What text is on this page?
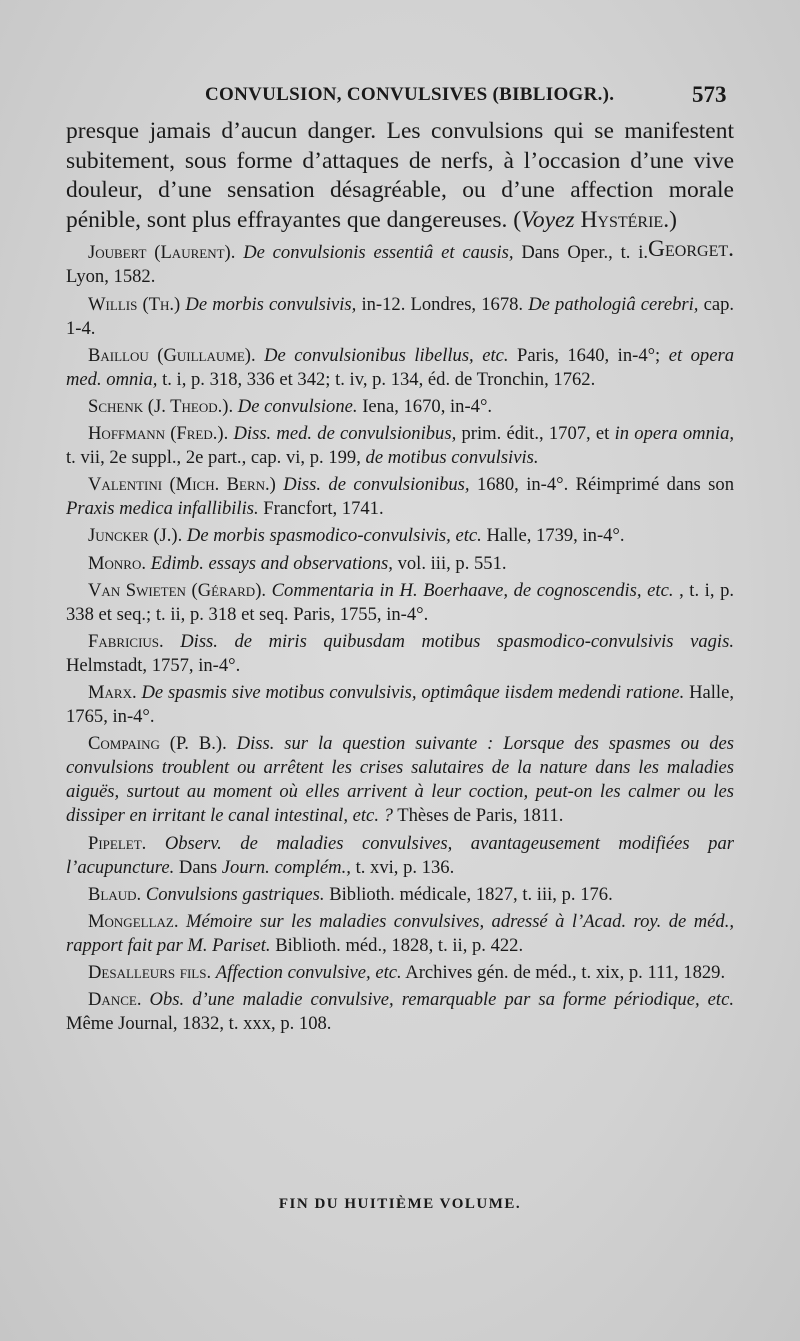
CONVULSION, CONVULSIVES (BIBLIOGR.).	573

presque jamais d’aucun danger. Les convulsions qui se manifestent subitement, sous forme d’attaques de nerfs, à l’occasion d’une vive douleur, d’une sensation désagréable, ou d’une affection morale pénible, sont plus effrayantes que dangereuses. (Voyez Hystérie.)
Georget.

Joubert (Laurent). De convulsionis essentiâ et causis, Dans Oper., t. i. Lyon, 1582.

Willis (Th.) De morbis convulsivis, in-12. Londres, 1678. De pathologiâ cerebri, cap. 1-4.

Baillou (Guillaume). De convulsionibus libellus, etc. Paris, 1640, in-4°; et opera med. omnia, t. i, p. 318, 336 et 342; t. iv, p. 134, éd. de Tronchin, 1762.

Schenk (J. Theod.). De convulsione. Iena, 1670, in-4°.

Hoffmann (Fred.). Diss. med. de convulsionibus, prim. édit., 1707, et in opera omnia, t. vii, 2e suppl., 2e part., cap. vi, p. 199, de motibus convulsivis.

Valentini (Mich. Bern.) Diss. de convulsionibus, 1680, in-4°. Réimprimé dans son Praxis medica infallibilis. Francfort, 1741.

Juncker (J.). De morbis spasmodico-convulsivis, etc. Halle, 1739, in-4°.

Monro. Edimb. essays and observations, vol. iii, p. 551.

Van Swieten (Gérard). Commentaria in H. Boerhaave, de cognoscendis, etc. , t. i, p. 338 et seq.; t. ii, p. 318 et seq. Paris, 1755, in-4°.

Fabricius. Diss. de miris quibusdam motibus spasmodico-convulsivis vagis. Helmstadt, 1757, in-4°.

Marx. De spasmis sive motibus convulsivis, optimâque iisdem medendi ratione. Halle, 1765, in-4°.

Compaing (P. B.). Diss. sur la question suivante : Lorsque des spasmes ou des convulsions troublent ou arrêtent les crises salutaires de la nature dans les maladies aiguës, surtout au moment où elles arrivent à leur coction, peut-on les calmer ou les dissiper en irritant le canal intestinal, etc. ? Thèses de Paris, 1811.

Pipelet. Observ. de maladies convulsives, avantageusement modifiées par l’acupuncture. Dans Journ. complém., t. xvi, p. 136.

Blaud. Convulsions gastriques. Biblioth. médicale, 1827, t. iii, p. 176.

Mongellaz. Mémoire sur les maladies convulsives, adressé à l’Acad. roy. de méd., rapport fait par M. Pariset. Biblioth. méd., 1828, t. ii, p. 422.

Desalleurs fils. Affection convulsive, etc. Archives gén. de méd., t. xix, p. 111, 1829.

Dance. Obs. d’une maladie convulsive, remarquable par sa forme périodique, etc. Même Journal, 1832, t. xxx, p. 108.

FIN DU HUITIÈME VOLUME.
